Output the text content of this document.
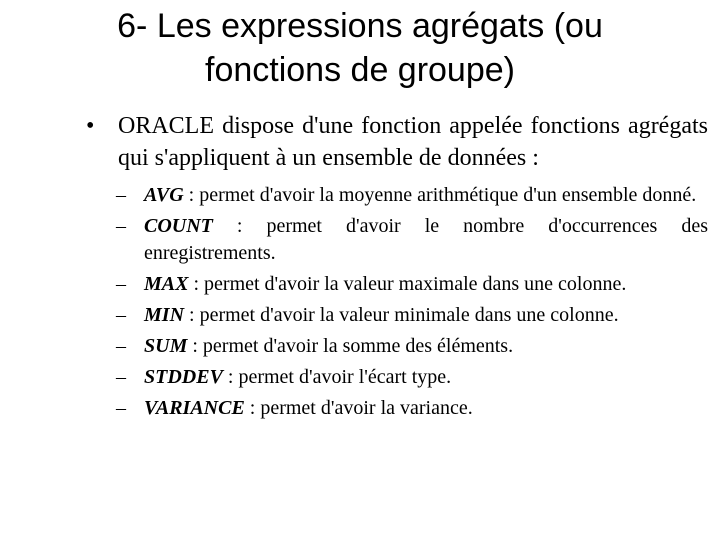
6- Les expressions agrégats (ou
fonctions de groupe)
• ORACLE dispose d'une fonction appelée fonctions agrégats qui s'appliquent à un ensemble de données :
– AVG : permet d'avoir la moyenne arithmétique d'un ensemble donné.
– COUNT : permet d'avoir le nombre d'occurrences des enregistrements.
– MAX : permet d'avoir la valeur maximale dans une colonne.
– MIN : permet d'avoir la valeur minimale dans une colonne.
– SUM : permet d'avoir la somme des éléments.
– STDDEV : permet d'avoir l'écart type.
– VARIANCE : permet d'avoir la variance.
